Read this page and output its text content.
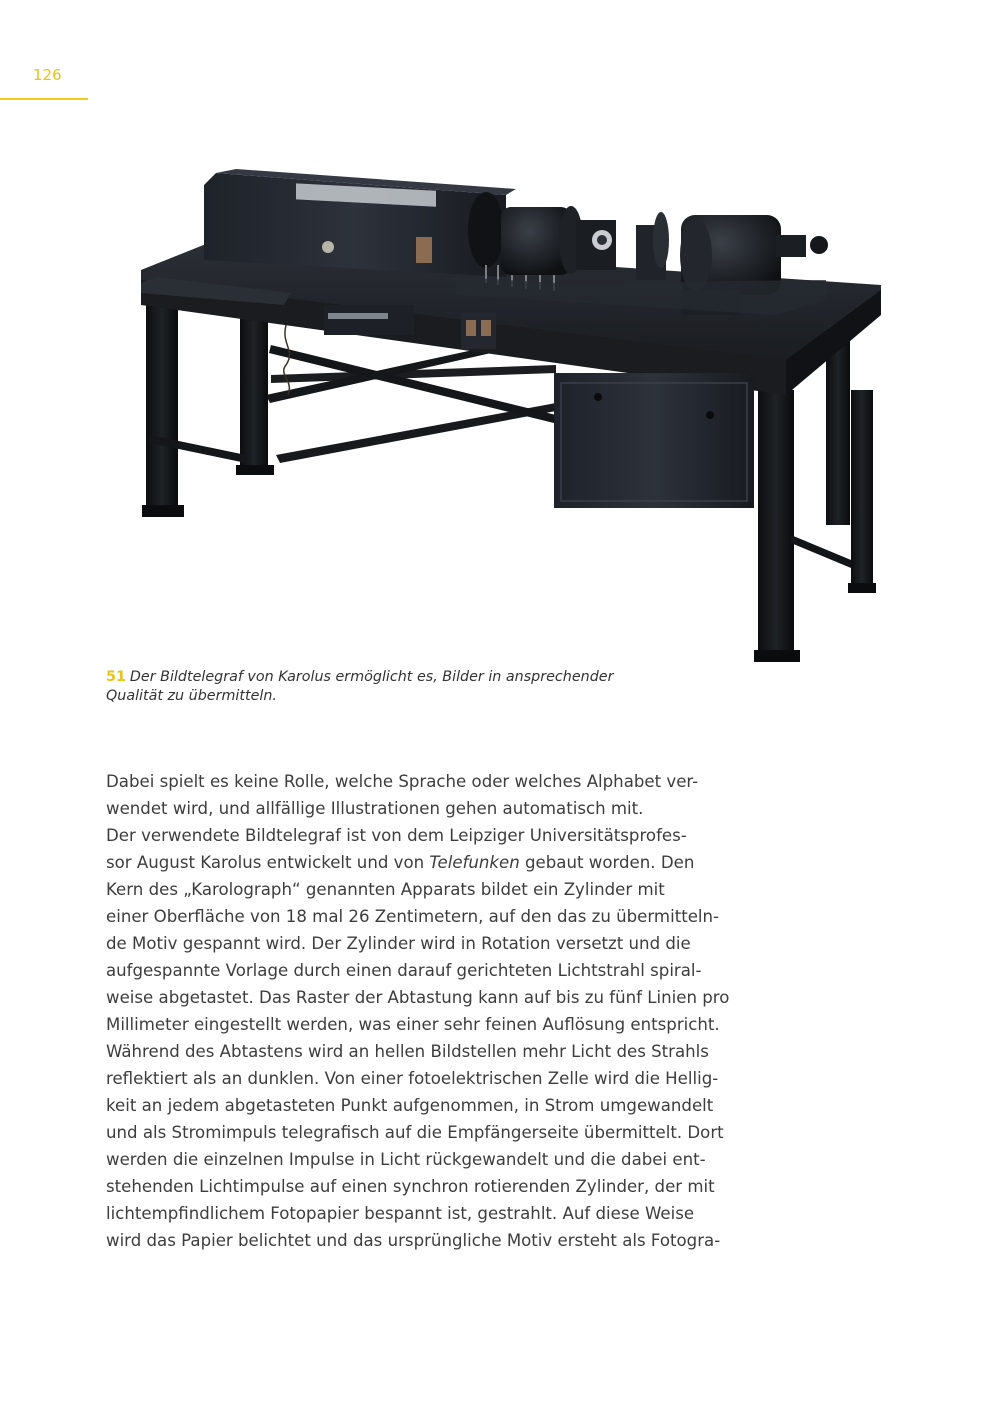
126
51 Der Bildtelegraf von Karolus ermöglicht es, Bilder in ansprechender
Qualität zu übermitteln.
Dabei spielt es keine Rolle, welche Sprache oder welches Alphabet ver-
wendet wird, und allfällige Illustrationen gehen automatisch mit.
Der verwendete Bildtelegraf ist von dem Leipziger Universitätsprofes-
sor August Karolus entwickelt und von Telefunken gebaut worden. Den
Kern des „Karolograph“ genannten Apparats bildet ein Zylinder mit
einer Oberfläche von 18 mal 26 Zentimetern, auf den das zu übermitteln-
de Motiv gespannt wird. Der Zylinder wird in Rotation versetzt und die
aufgespannte Vorlage durch einen darauf gerichteten Lichtstrahl spiral-
weise abgetastet. Das Raster der Abtastung kann auf bis zu fünf Linien pro
Millimeter eingestellt werden, was einer sehr feinen Auflösung entspricht.
Während des Abtastens wird an hellen Bildstellen mehr Licht des Strahls
reflektiert als an dunklen. Von einer fotoelektrischen Zelle wird die Hellig-
keit an jedem abgetasteten Punkt aufgenommen, in Strom umgewandelt
und als Stromimpuls telegrafisch auf die Empfängerseite übermittelt. Dort
werden die einzelnen Impulse in Licht rückgewandelt und die dabei ent-
stehenden Lichtimpulse auf einen synchron rotierenden Zylinder, der mit
lichtempfindlichem Fotopapier bespannt ist, gestrahlt. Auf diese Weise
wird das Papier belichtet und das ursprüngliche Motiv ersteht als Fotogra-
